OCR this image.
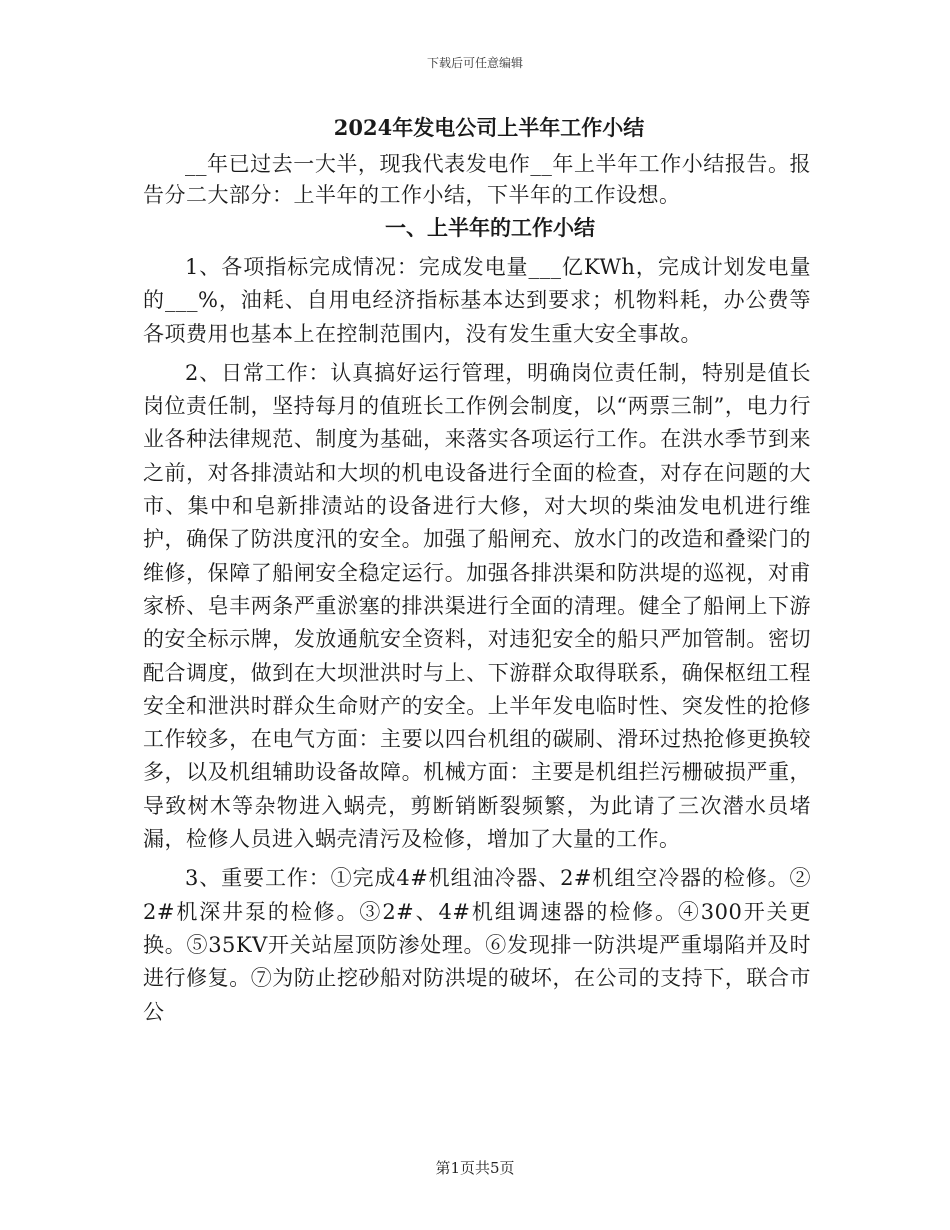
下载后可任意编辑
2024年发电公司上半年工作小结

__年已过去一大半，现我代表发电作__年上半年工作小结报告。报告分二大部分：上半年的工作小结，下半年的工作设想。

一、上半年的工作小结

1、各项指标完成情况：完成发电量___亿KWh，完成计划发电量的___%，油耗、自用电经济指标基本达到要求；机物料耗，办公费等各项费用也基本上在控制范围内，没有发生重大安全事故。

2、日常工作：认真搞好运行管理，明确岗位责任制，特别是值长岗位责任制，坚持每月的值班长工作例会制度，以“两票三制”，电力行业各种法律规范、制度为基础，来落实各项运行工作。在洪水季节到来之前，对各排渍站和大坝的机电设备进行全面的检查，对存在问题的大市、集中和皂新排渍站的设备进行大修，对大坝的柴油发电机进行维护，确保了防洪度汛的安全。加强了船闸充、放水门的改造和叠梁门的维修，保障了船闸安全稳定运行。加强各排洪渠和防洪堤的巡视，对甫家桥、皂丰两条严重淤塞的排洪渠进行全面的清理。健全了船闸上下游的安全标示牌，发放通航安全资料，对违犯安全的船只严加管制。密切配合调度，做到在大坝泄洪时与上、下游群众取得联系，确保枢纽工程安全和泄洪时群众生命财产的安全。上半年发电临时性、突发性的抢修工作较多，在电气方面：主要以四台机组的碳刷、滑环过热抢修更换较多，以及机组辅助设备故障。机械方面：主要是机组拦污栅破损严重，导致树木等杂物进入蜗壳，剪断销断裂频繁，为此请了三次潜水员堵漏，检修人员进入蜗壳清污及检修，增加了大量的工作。

3、重要工作：①完成4#机组油冷器、2#机组空冷器的检修。②2#机深井泵的检修。③2#、4#机组调速器的检修。④300开关更换。⑤35KV开关站屋顶防渗处理。⑥发现排一防洪堤严重塌陷并及时进行修复。⑦为防止挖砂船对防洪堤的破坏，在公司的支持下，联合市公

第1页共5页
